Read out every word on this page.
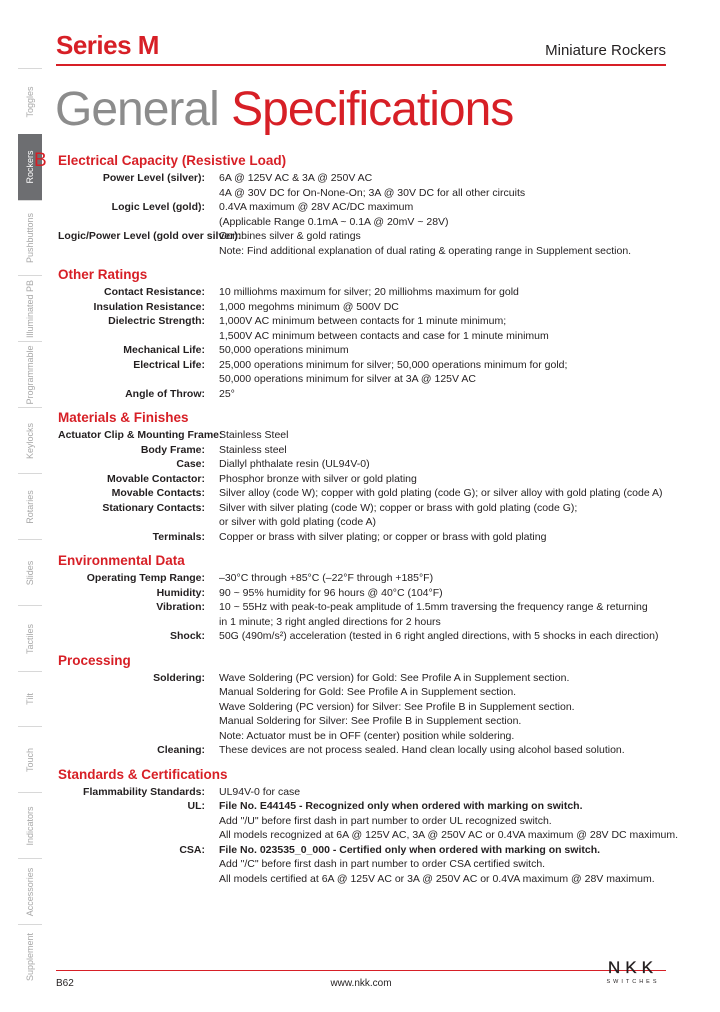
Series M	Miniature Rockers
General Specifications
Toggles
Rockers
Pushbuttons
Illuminated PB
Programmable
Keylocks
Rotaries
Slides
Tactiles
Tilt
Touch
Indicators
Accessories
Supplement
B Electrical Capacity (Resistive Load)
Power Level (silver):	6A @ 125V AC & 3A @ 250V AC
4A @ 30V DC for On-None-On; 3A @ 30V DC for all other circuits
Logic Level (gold):	0.4VA maximum @ 28V AC/DC maximum
(Applicable Range 0.1mA ~ 0.1A @ 20mV ~ 28V)
Logic/Power Level (gold over silver):
Combines silver & gold ratings
Note: Find additional explanation of dual rating & operating range in Supplement section.
Other Ratings
Contact Resistance:	10 milliohms maximum for silver; 20 milliohms maximum for gold
Insulation Resistance:	1,000 megohms minimum @ 500V DC
Dielectric Strength:	1,000V AC minimum between contacts for 1 minute minimum;
1,500V AC minimum between contacts and case for 1 minute minimum
Mechanical Life:	50,000 operations minimum
Electrical Life:	25,000 operations minimum for silver; 50,000 operations minimum for gold;
50,000 operations minimum for silver at 3A @ 125V AC
Angle of Throw:	25°
Materials & Finishes
Actuator Clip & Mounting Frame:
Stainless Steel
Body Frame:	Stainless steel
Case:	Diallyl phthalate resin (UL94V-0)
Movable Contactor:	Phosphor bronze with silver or gold plating
Movable Contacts:	Silver alloy (code W); copper with gold plating (code G); or silver alloy with gold plating (code A)
Stationary Contacts:	Silver with silver plating (code W); copper or brass with gold plating (code G);
or silver with gold plating (code A)
Terminals:	Copper or brass with silver plating; or copper or brass with gold plating
Environmental Data
Operating Temp Range:	–30°C through +85°C (–22°F through +185°F)
Humidity:	90 ~ 95% humidity for 96 hours @ 40°C (104°F)
Vibration:	10 ~ 55Hz with peak-to-peak amplitude of 1.5mm traversing the frequency range & returning
in 1 minute; 3 right angled directions for 2 hours
Shock:	50G (490m/s²) acceleration (tested in 6 right angled directions, with 5 shocks in each direction)
Processing
Soldering:	Wave Soldering (PC version) for Gold: See Profile A in Supplement section.
Manual Soldering for Gold: See Profile A in Supplement section.
Wave Soldering (PC version) for Silver: See Profile B in Supplement section.
Manual Soldering for Silver: See Profile B in Supplement section.
Note: Actuator must be in OFF (center) position while soldering.
Cleaning:	These devices are not process sealed. Hand clean locally using alcohol based solution.
Standards & Certifications
Flammability Standards:	UL94V-0 for case
UL:	File No. E44145 - Recognized only when ordered with marking on switch.
Add "/U" before first dash in part number to order UL recognized switch.
All models recognized at 6A @ 125V AC, 3A @ 250V AC or 0.4VA maximum @ 28V DC maximum.
CSA:	File No. 023535_0_000 - Certified only when ordered with marking on switch.
Add "/C" before first dash in part number to order CSA certified switch.
All models certified at 6A @ 125V AC or 3A @ 250V AC or 0.4VA maximum @ 28V maximum.
B62	www.nkk.com
NKK
SWITCHES
